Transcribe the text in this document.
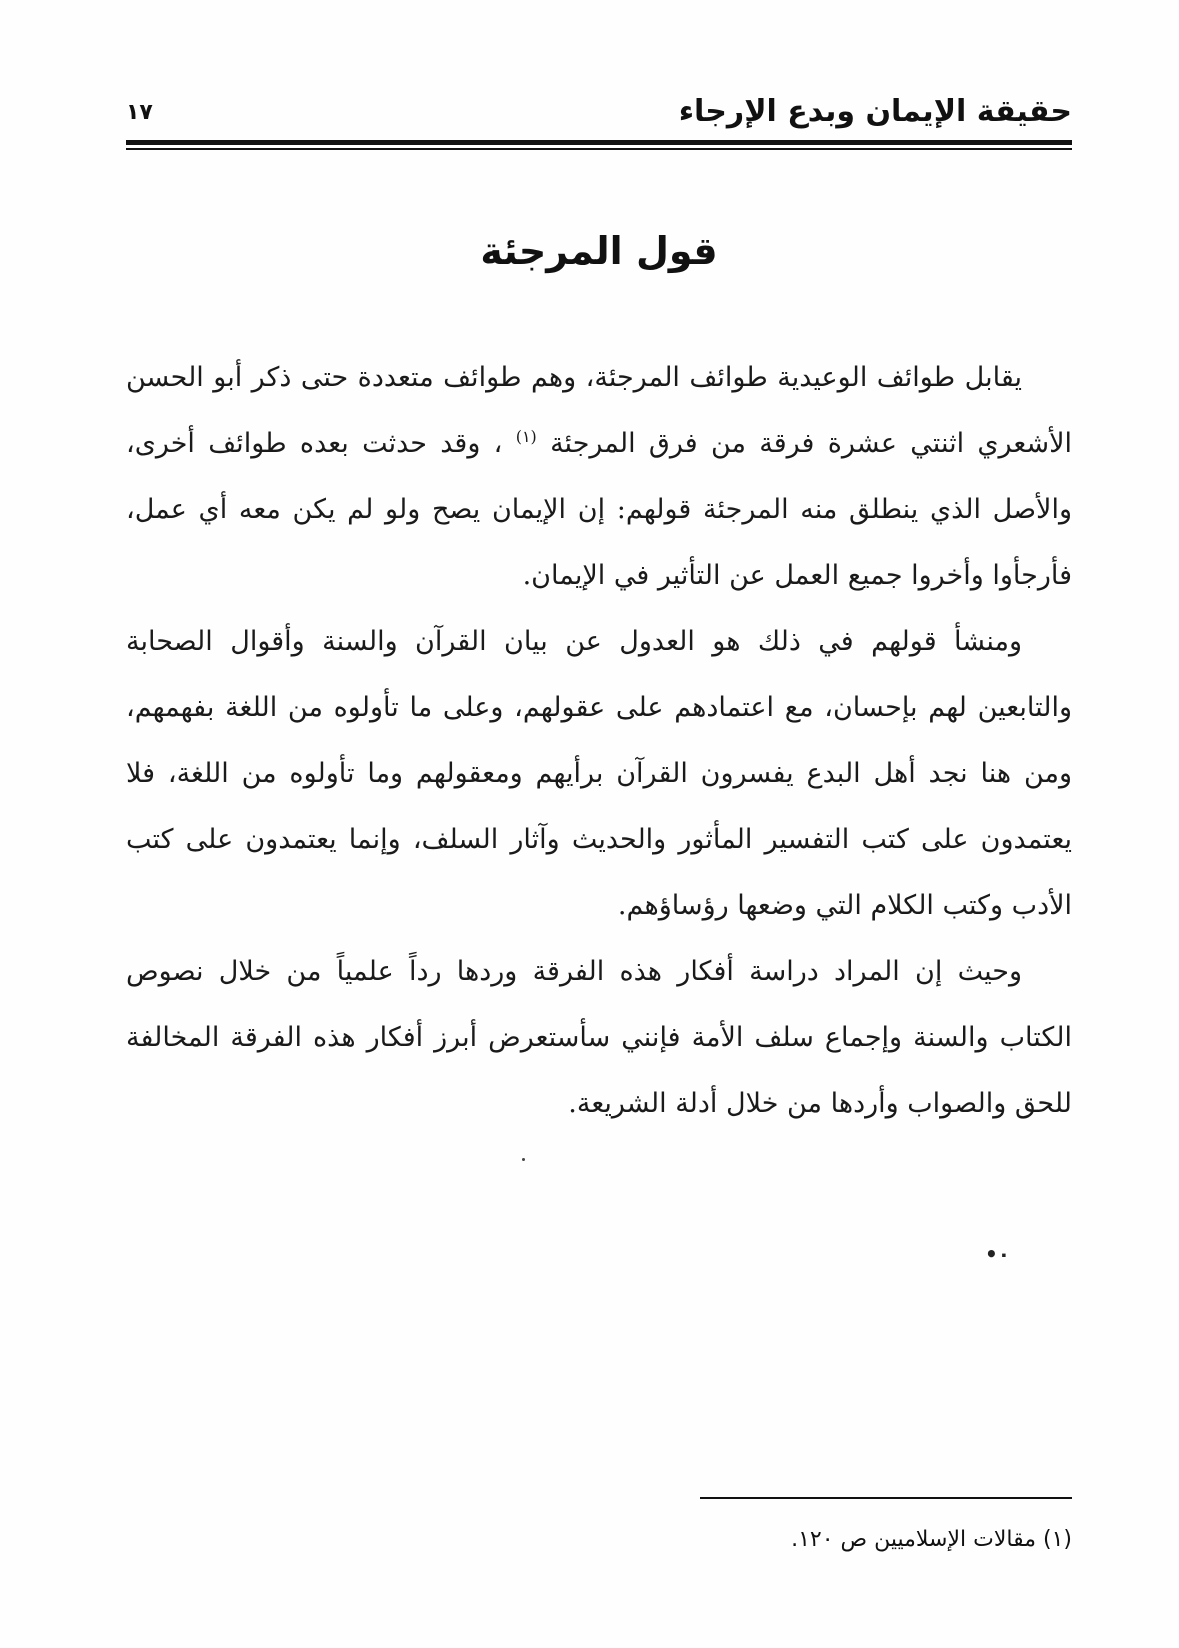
حقيقة الإيمان وبدع الإرجاء
١٧
قول المرجئة

يقابل طوائف الوعيدية طوائف المرجئة، وهم طوائف متعددة حتى ذكر أبو الحسن الأشعري اثنتي عشرة فرقة من فرق المرجئة $^{(١)}$ ، وقد حدثت بعده طوائف أخرى، والأصل الذي ينطلق منه المرجئة قولهم: إن الإيمان يصح ولو لم يكن معه أي عمل، فأرجأوا وأخروا جميع العمل عن التأثير في الإيمان.

ومنشأ قولهم في ذلك هو العدول عن بيان القرآن والسنة وأقوال الصحابة والتابعين لهم بإحسان، مع اعتمادهم على عقولهم، وعلى ما تأولوه من اللغة بفهمهم، ومن هنا نجد أهل البدع يفسرون القرآن برأيهم ومعقولهم وما تأولوه من اللغة، فلا يعتمدون على كتب التفسير المأثور والحديث وآثار السلف، وإنما يعتمدون على كتب الأدب وكتب الكلام التي وضعها رؤساؤهم.

وحيث إن المراد دراسة أفكار هذه الفرقة وردها رداً علمياً من خلال نصوص الكتاب والسنة وإجماع سلف الأمة فإنني سأستعرض أبرز أفكار هذه الفرقة المخالفة للحق والصواب وأردها من خلال أدلة الشريعة.

•٠
(١) مقالات الإسلاميين ص ١٢٠.
